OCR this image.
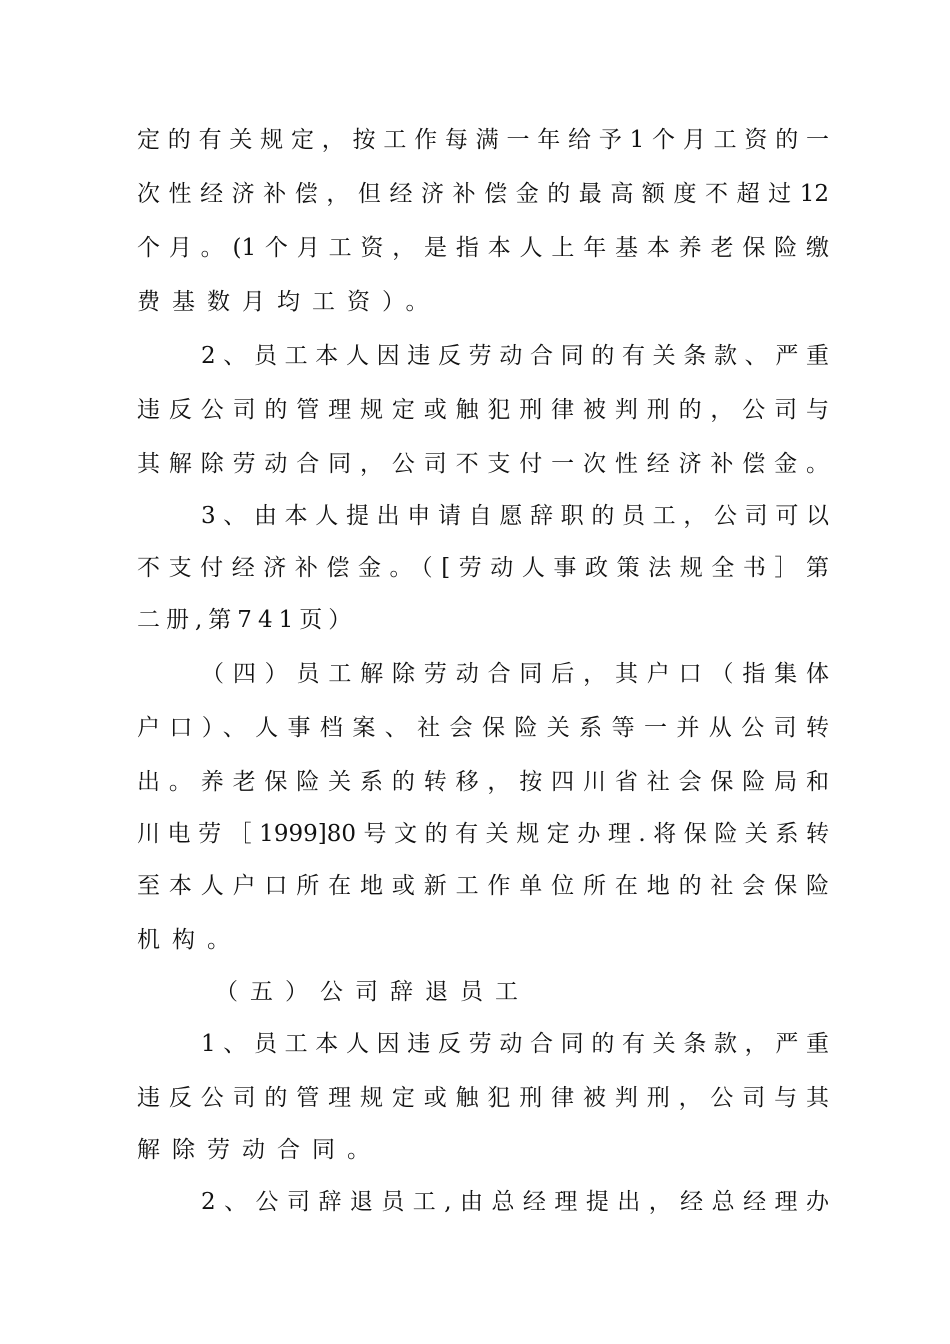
定的有关规定，按工作每满一年给予1个月工资的一
次性经济补偿，但经济补偿金的最高额度不超过12
个月。(1个月工资，是指本人上年基本养老保险缴
费基数月均工资）。
2、员工本人因违反劳动合同的有关条款、严重
违反公司的管理规定或触犯刑律被判刑的，公司与
其解除劳动合同，公司不支付一次性经济补偿金。
3、由本人提出申请自愿辞职的员工，公司可以
不支付经济补偿金。（[劳动人事政策法规全书］第
二册,第741页）
（四）员工解除劳动合同后，其户口（指集体
户口）、人事档案、社会保险关系等一并从公司转
出。养老保险关系的转移，按四川省社会保险局和
川电劳［1999]80号文的有关规定办理.将保险关系转
至本人户口所在地或新工作单位所在地的社会保险
机构。
（五）公司辞退员工
1、员工本人因违反劳动合同的有关条款，严重
违反公司的管理规定或触犯刑律被判刑，公司与其
解除劳动合同。
2、公司辞退员工,由总经理提出，经总经理办
